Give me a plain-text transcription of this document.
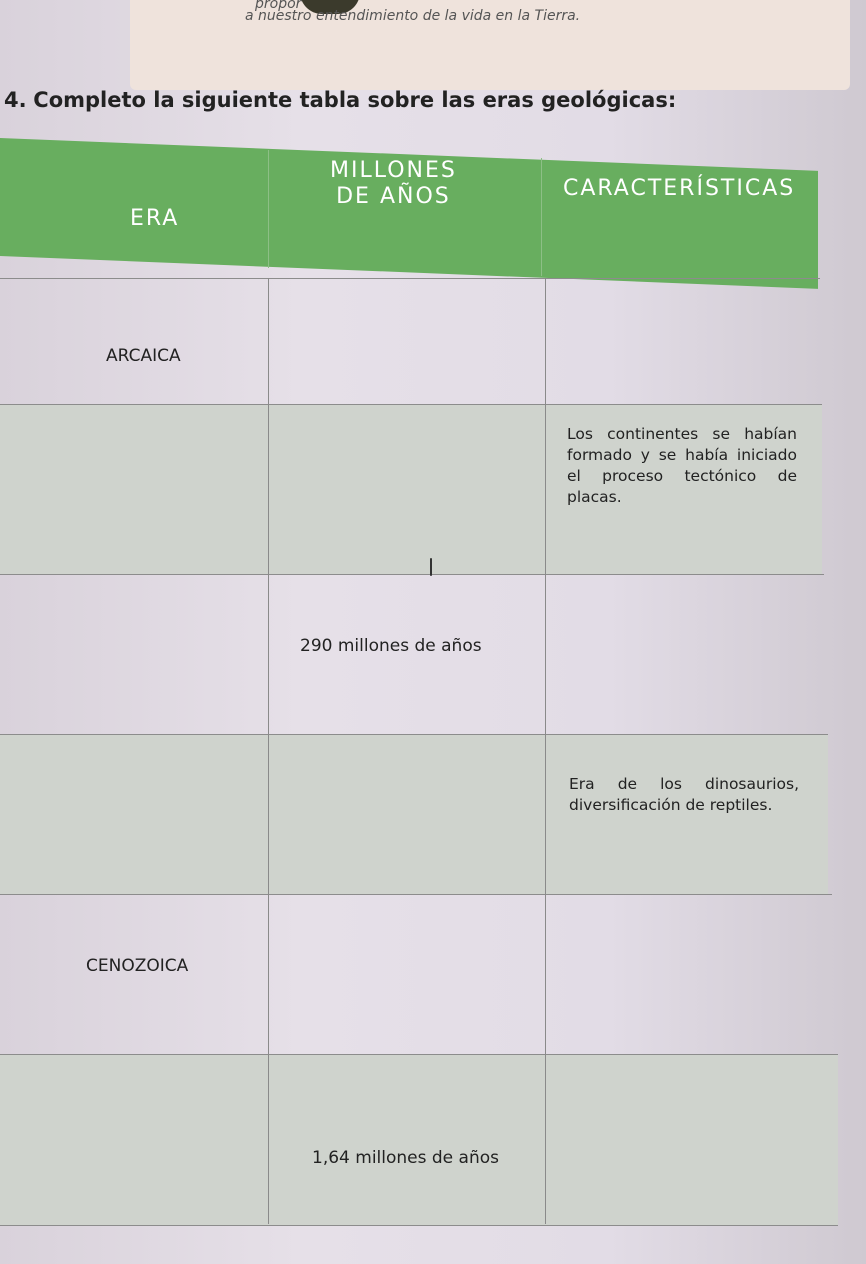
propor
a nuestro entendimiento de la vida en la Tierra.
4. Completo la siguiente tabla sobre las eras geológicas:
ERA
MILLONES
DE AÑOS	CARACTERÍSTICAS
ARCAICA
Los continentes se habían formado y se había iniciado el proceso tectónico de placas.
290 millones de años
Era de los dinosaurios, diversificación de reptiles.
CENOZOICA
1,64 millones de años
